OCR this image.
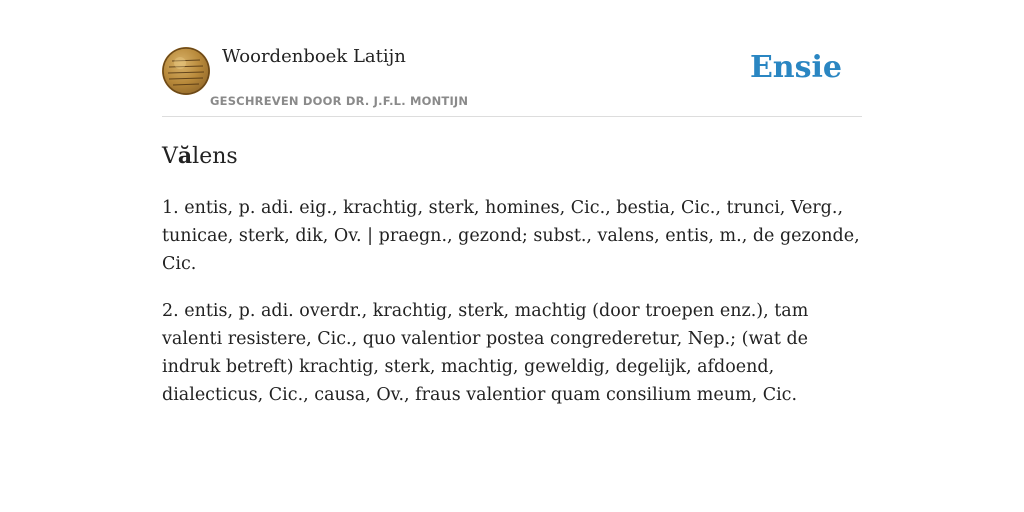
Woordenboek Latijn
GESCHREVEN DOOR DR. J.F.L. MONTIJN
Ensie
Vălens

1. entis, p. adi. eig., krachtig, sterk, homines, Cic., bestia, Cic., trunci, Verg., tunicae, sterk, dik, Ov. | praegn., gezond; subst., valens, entis, m., de gezonde, Cic.

2. entis, p. adi. overdr., krachtig, sterk, machtig (door troepen enz.), tam valenti resistere, Cic., quo valentior postea congrederetur, Nep.; (wat de indruk betreft) krachtig, sterk, machtig, geweldig, degelijk, afdoend, dialecticus, Cic., causa, Ov., fraus valentior quam consilium meum, Cic.
